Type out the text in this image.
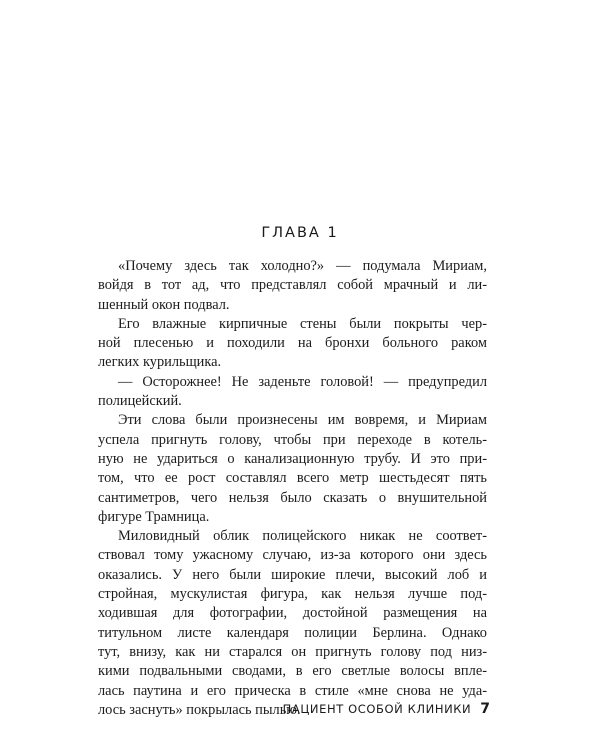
ГЛАВА 1
«Почему здесь так холодно?» — подумала Мириам,
войдя в тот ад, что представлял собой мрачный и ли-
шенный окон подвал.
Его влажные кирпичные стены были покрыты чер-
ной плесенью и походили на бронхи больного раком
легких курильщика.
— Осторожнее! Не заденьте головой! — предупредил
полицейский.
Эти слова были произнесены им вовремя, и Мириам
успела пригнуть голову, чтобы при переходе в котель-
ную не удариться о канализационную трубу. И это при-
том, что ее рост составлял всего метр шестьдесят пять
сантиметров, чего нельзя было сказать о внушительной
фигуре Трамница.
Миловидный облик полицейского никак не соответ-
ствовал тому ужасному случаю, из-за которого они здесь
оказались. У него были широкие плечи, высокий лоб и
стройная, мускулистая фигура, как нельзя лучше под-
ходившая для фотографии, достойной размещения на
титульном листе календаря полиции Берлина. Однако
тут, внизу, как ни старался он пригнуть голову под низ-
кими подвальными сводами, в его светлые волосы впле-
лась паутина и его прическа в стиле «мне снова не уда-
лось заснуть» покрылась пылью.
ПАЦИЕНТ ОСОБОЙ КЛИНИКИ 7
